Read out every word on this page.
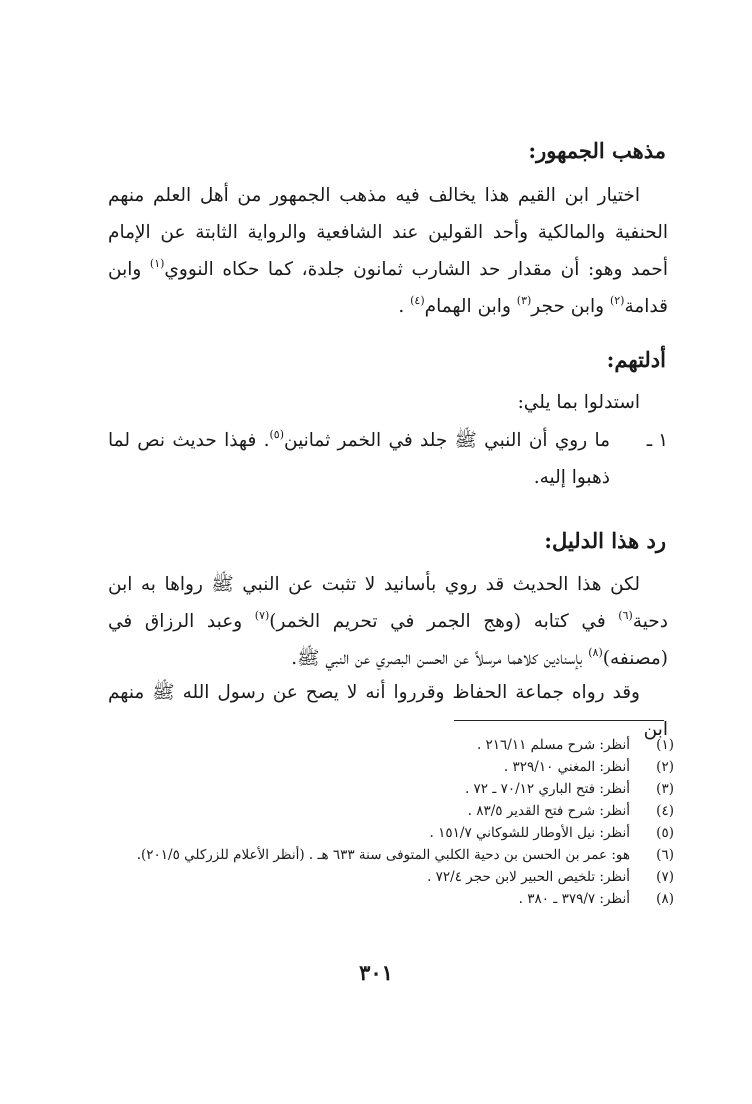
مذهب الجمهور:

اختيار ابن القيم هذا يخالف فيه مذهب الجمهور من أهل العلم منهم الحنفية والمالكية وأحد القولين عند الشافعية والرواية الثابتة عن الإمام أحمد وهو: أن مقدار حد الشارب ثمانون جلدة، كما حكاه النووي$^{(١)}$ وابن قدامة$^{(٢)}$ وابن حجر$^{(٣)}$ وابن الهمام$^{(٤)}$ .

أدلتهم:

استدلوا بما يلي:

١ ـ
ما روي أن النبي ﷺ جلد في الخمر ثمانين$^{(٥)}$. فهذا حديث نص لما ذهبوا إليه.
رد هذا الدليل:

لكن هذا الحديث قد روي بأسانيد لا تثبت عن النبي ﷺ رواها به ابن دحية$^{(٦)}$ في كتابه (وهج الجمر في تحريم الخمر)$^{(٧)}$ وعبد الرزاق في (مصنفه)$^{(٨)}$ بإسنادين كلاهما مرسلاً عن الحسن البصري عن النبي ﷺ.

وقد رواه جماعة الحفاظ وقرروا أنه لا يصح عن رسول الله ﷺ منهم ابن

(١)
أنظر: شرح مسلم ٢١٦/١١ .
(٢)
أنظر: المغني ٣٢٩/١٠ .
(٣)
أنظر: فتح الباري ٧٠/١٢ ـ ٧٢ .
(٤)
أنظر: شرح فتح القدير ٨٣/٥ .
(٥)
أنظر: نيل الأوطار للشوكاني ١٥١/٧ .
(٦)
هو: عمر بن الحسن بن دحية الكلبي المتوفى سنة ٦٣٣ هـ . (أنظر الأعلام للزركلي ٢٠١/٥).
(٧)
أنظر: تلخيص الحبير لابن حجر ٧٢/٤ .
(٨)
أنظر: ٣٧٩/٧ ـ ٣٨٠ .
٣٠١
